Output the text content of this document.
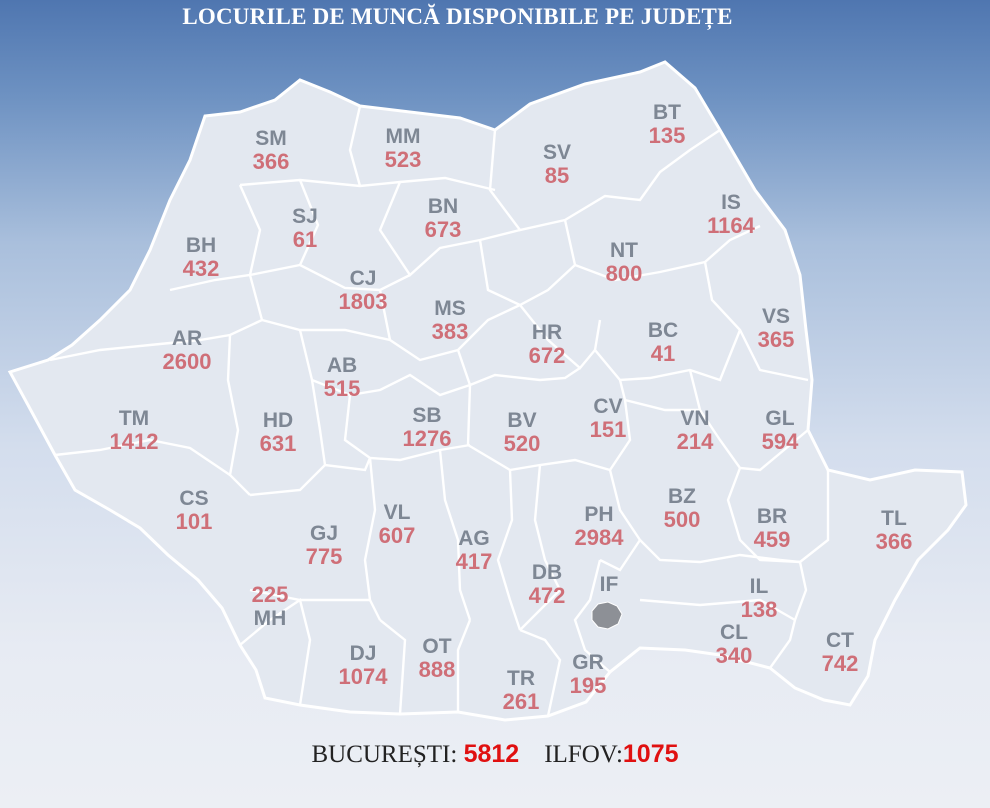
LOCURILE DE MUNCĂ DISPONIBILE PE JUDEȚE
SM
366
MM
523
BT
135
SV
85
SJ
61
BN
673
IS
1164
BH
432	CJ
1803
NT
800
AR
2600
MS
383	HR
672
BC
41
VS
365
AB
515
TM
1412
HD
631
SB
1276
BV
520
CV
151	VN
214
GL
594
CS
101	GJ
775
VL
607 AG
417
PH
2984
BZ
500	BR
459
TL
366
DB
472 IF	IL
138
225
MH
CL
340
CT
742
DJ
1074
OT
888 TR
261
GR
195
BUCUREȘTI: 5812 ILFOV:1075
